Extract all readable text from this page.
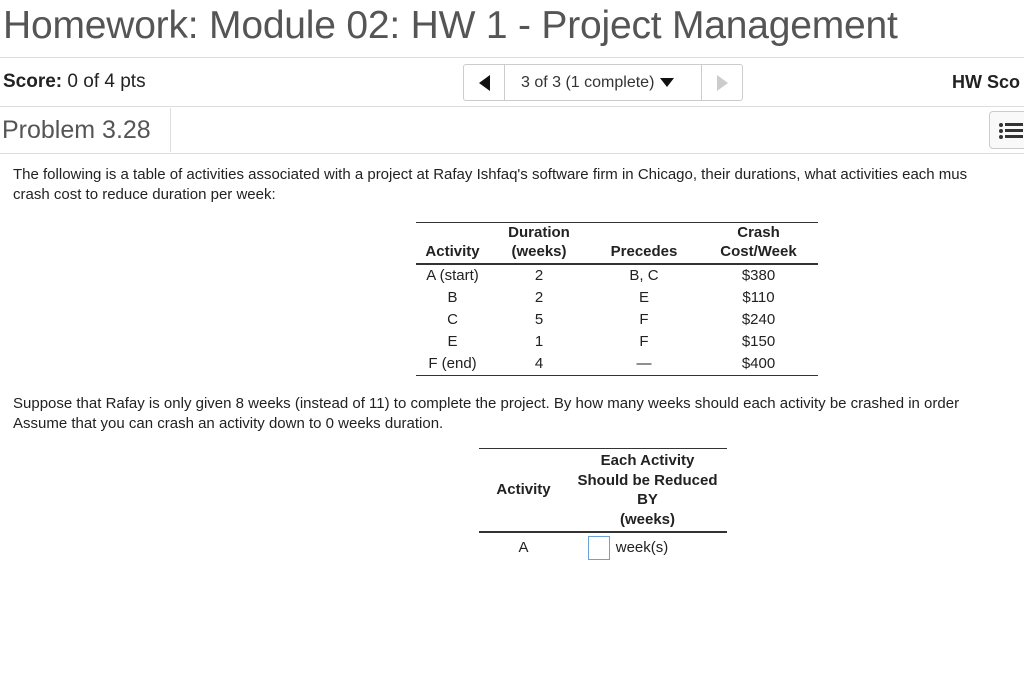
Homework: Module 02: HW 1 - Project Management
Score: 0 of 4 pts	3 of 3 (1 complete)	HW Sco
Problem 3.28
The following is a table of activities associated with a project at Rafay Ishfaq's software firm in Chicago, their durations, what activities each mus
crash cost to reduce duration per week:
	Duration		Crash
Activity	(weeks)	Precedes	Cost/Week
A (start)	2	B, C	$380
B	2	E	$110
C	5	F	$240
E	1	F	$150
F (end)	4	—	$400
Suppose that Rafay is only given 8 weeks (instead of 11) to complete the project. By how many weeks should each activity be crashed in order
Assume that you can crash an activity down to 0 weeks duration.
Activity	Each Activity
Should be Reduced
BY
(weeks)

A	week(s)
